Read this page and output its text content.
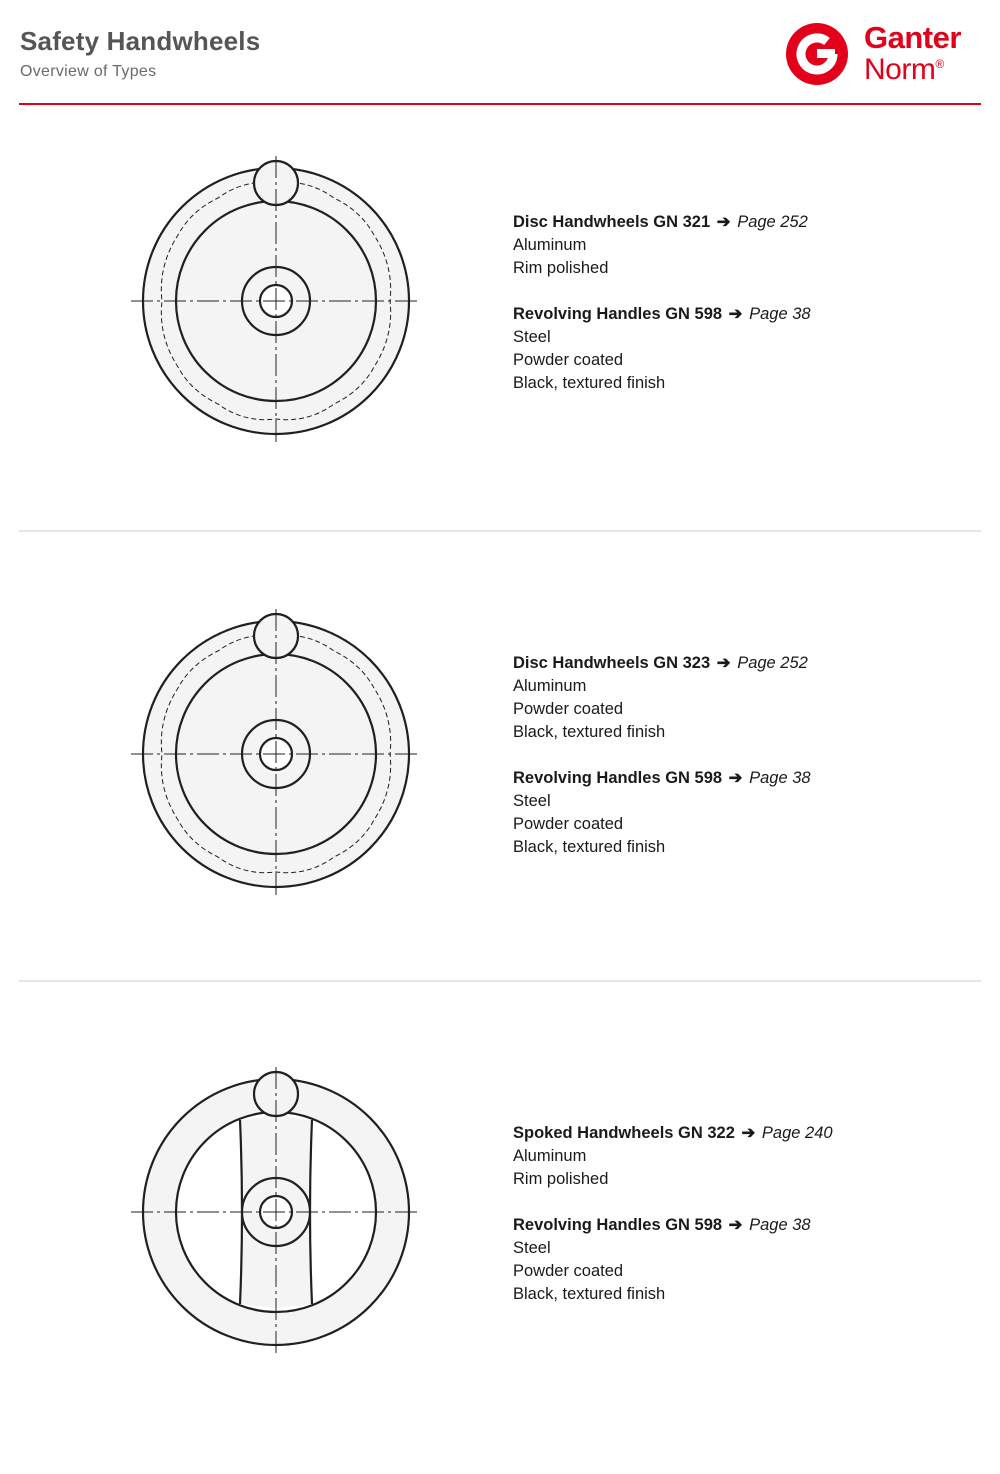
Safety Handwheels
Overview of Types
Ganter
Norm®
Disc Handwheels GN 321 ➔ Page 252
Aluminum
Rim polished
Revolving Handles GN 598 ➔ Page 38
Steel
Powder coated
Black, textured finish
Disc Handwheels GN 323 ➔ Page 252
Aluminum
Powder coated
Black, textured finish
Revolving Handles GN 598 ➔ Page 38
Steel
Powder coated
Black, textured finish
Spoked Handwheels GN 322 ➔ Page 240
Aluminum
Rim polished
Revolving Handles GN 598 ➔ Page 38
Steel
Powder coated
Black, textured finish
